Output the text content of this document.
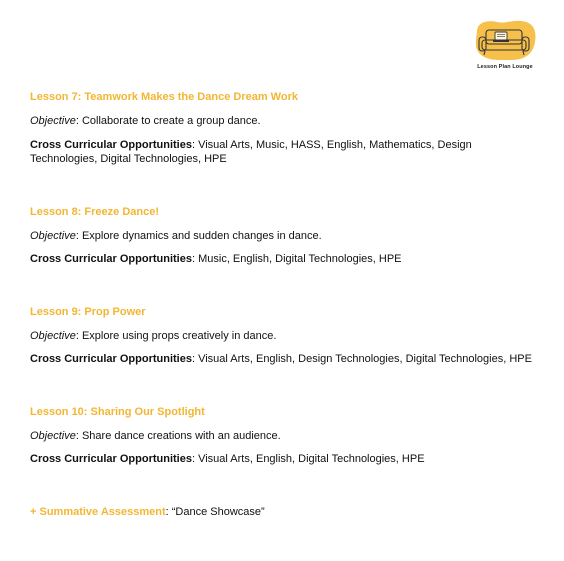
Lesson Plan Lounge
Lesson 7: Teamwork Makes the Dance Dream Work
Objective: Collaborate to create a group dance.
Cross Curricular Opportunities: Visual Arts, Music, HASS, English, Mathematics, Design Technologies, Digital Technologies, HPE
Lesson 8: Freeze Dance!
Objective: Explore dynamics and sudden changes in dance.
Cross Curricular Opportunities: Music, English, Digital Technologies, HPE
Lesson 9: Prop Power
Objective: Explore using props creatively in dance.
Cross Curricular Opportunities: Visual Arts, English, Design Technologies, Digital Technologies, HPE
Lesson 10: Sharing Our Spotlight
Objective: Share dance creations with an audience.
Cross Curricular Opportunities: Visual Arts, English, Digital Technologies, HPE
+ Summative Assessment: “Dance Showcase”
